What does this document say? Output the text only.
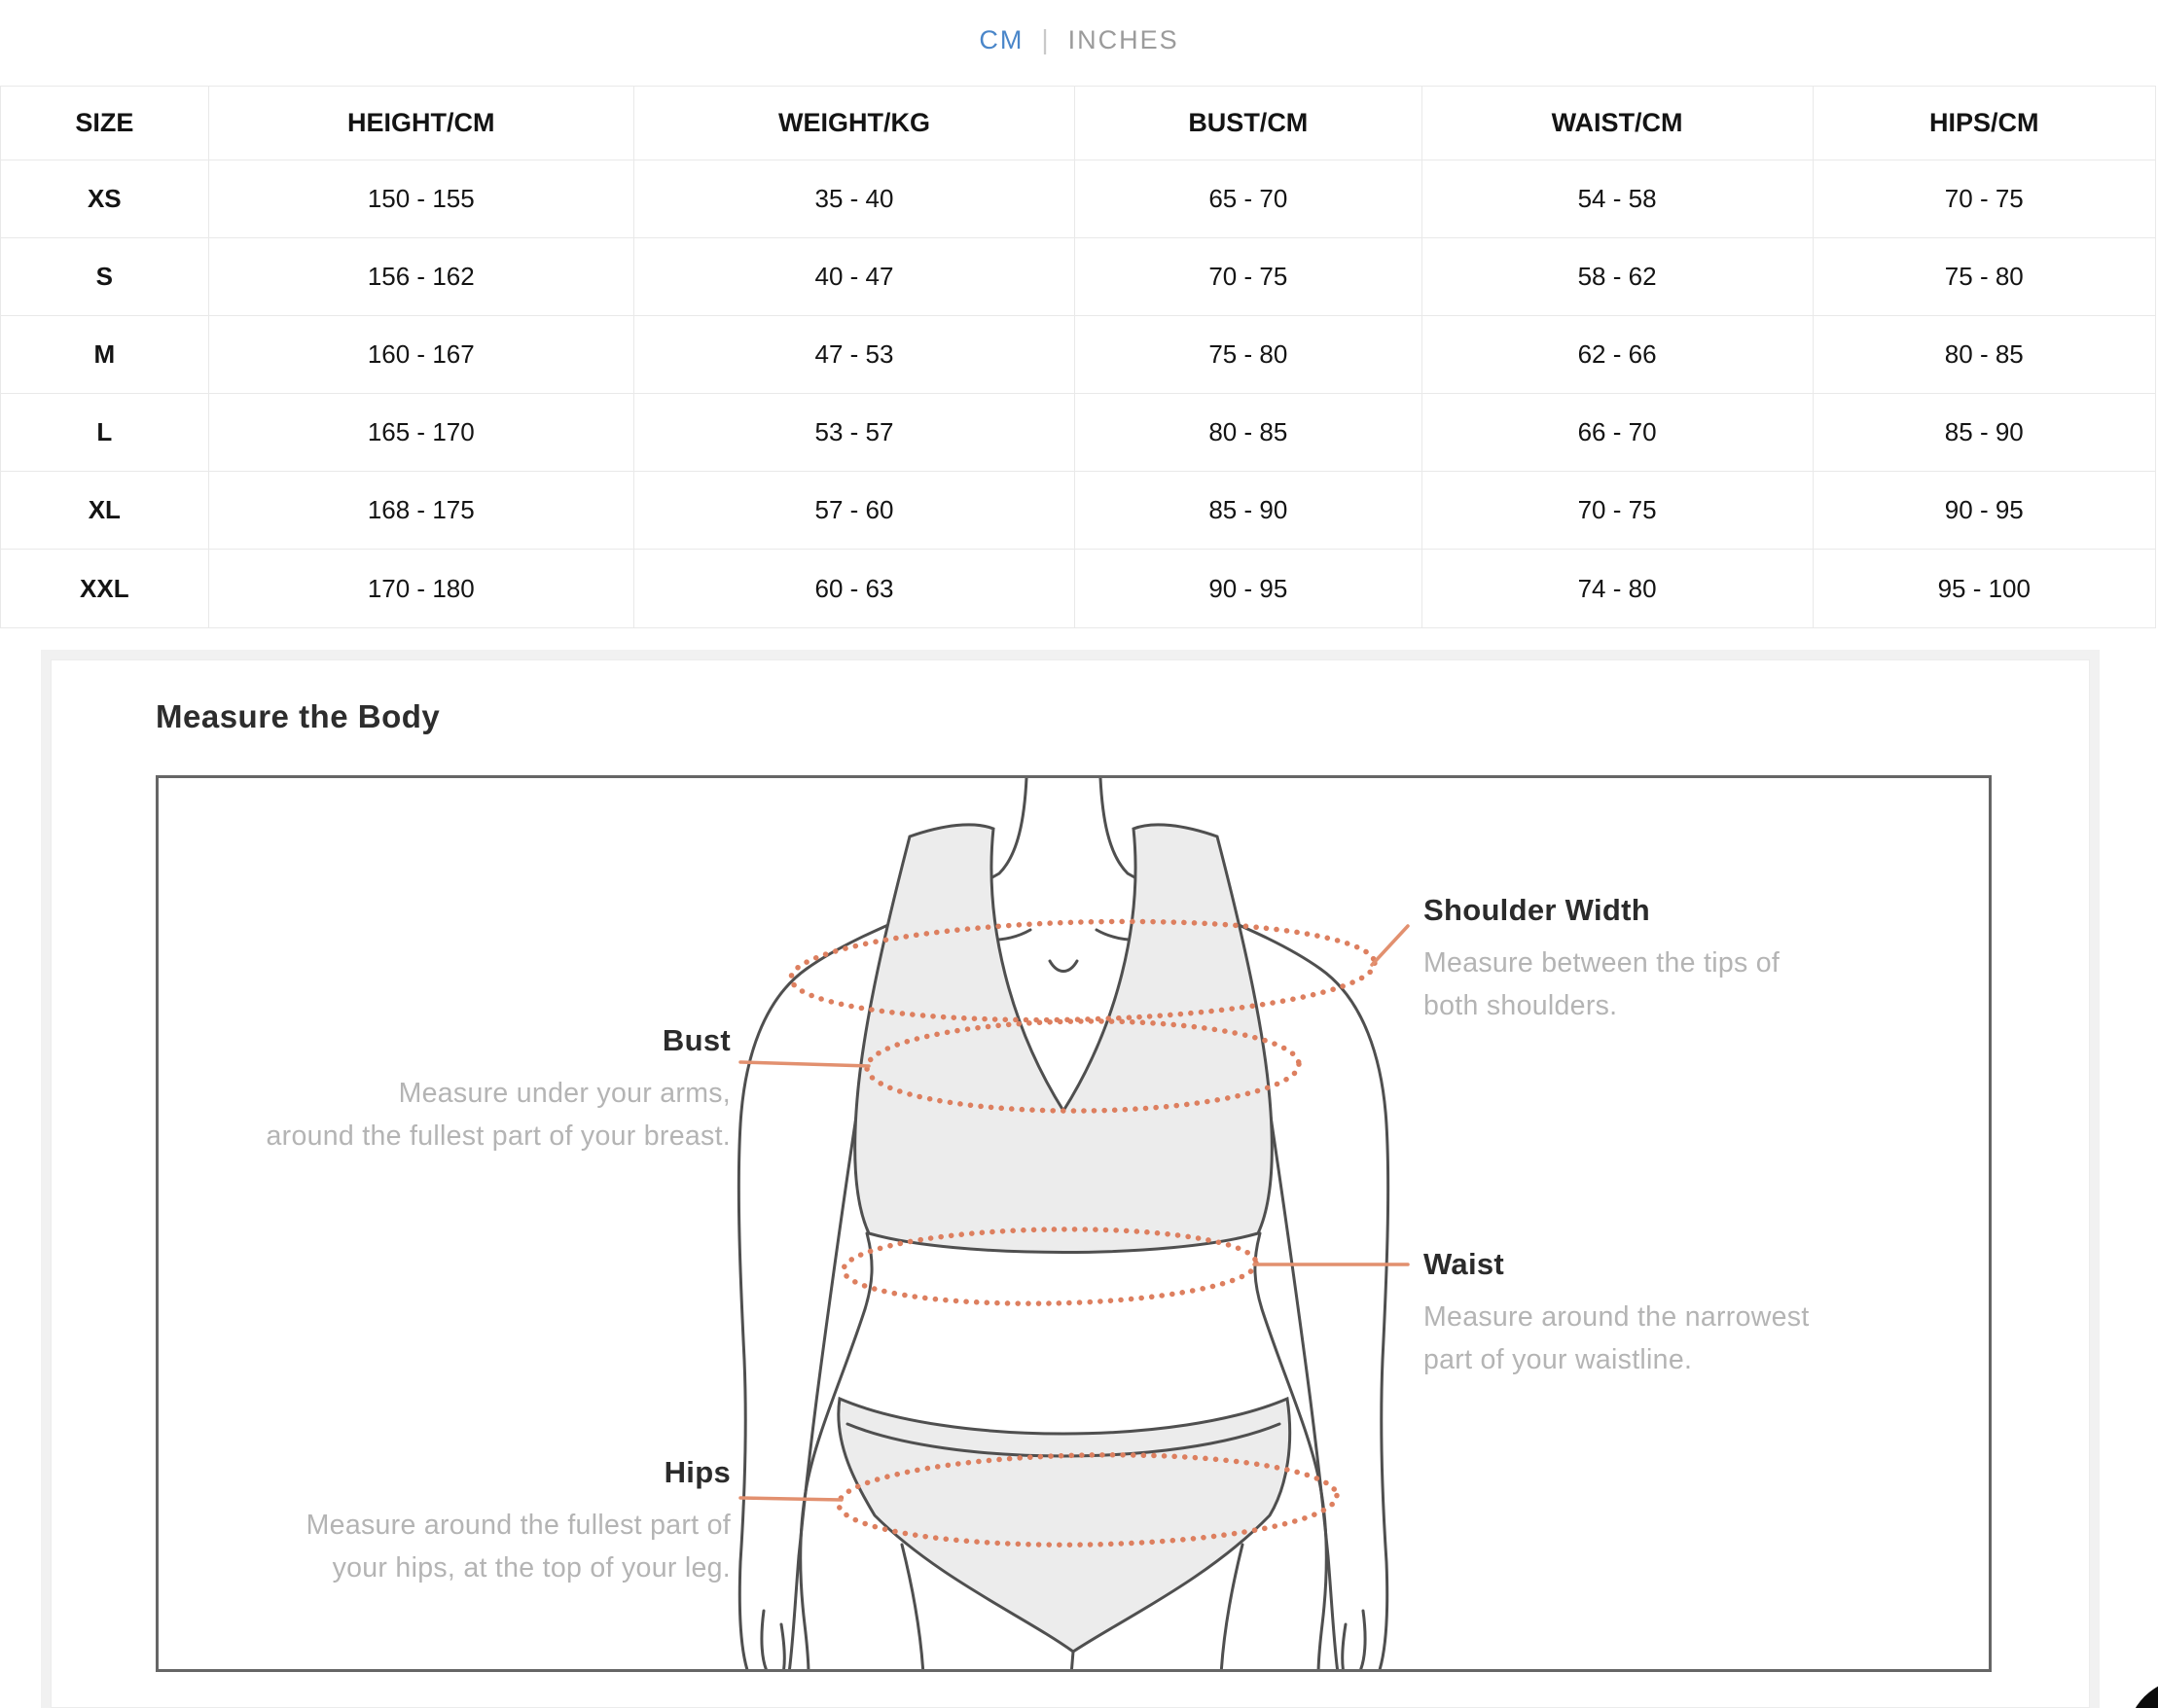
CM | INCHES
SIZE	HEIGHT/CM	WEIGHT/KG	BUST/CM	WAIST/CM	HIPS/CM
XS	150 - 155	35 - 40	65 - 70	54 - 58	70 - 75
S	156 - 162	40 - 47	70 - 75	58 - 62	75 - 80
M	160 - 167	47 - 53	75 - 80	62 - 66	80 - 85
L	165 - 170	53 - 57	80 - 85	66 - 70	85 - 90
XL	168 - 175	57 - 60	85 - 90	70 - 75	90 - 95
XXL	170 - 180	60 - 63	90 - 95	74 - 80	95 - 100
Measure the Body
Shoulder Width
Measure between the tips of
both shoulders.
Bust
Measure under your arms,
around the fullest part of your breast.
Waist
Measure around the narrowest
part of your waistline.
Hips
Measure around the fullest part of
your hips, at the top of your leg.
